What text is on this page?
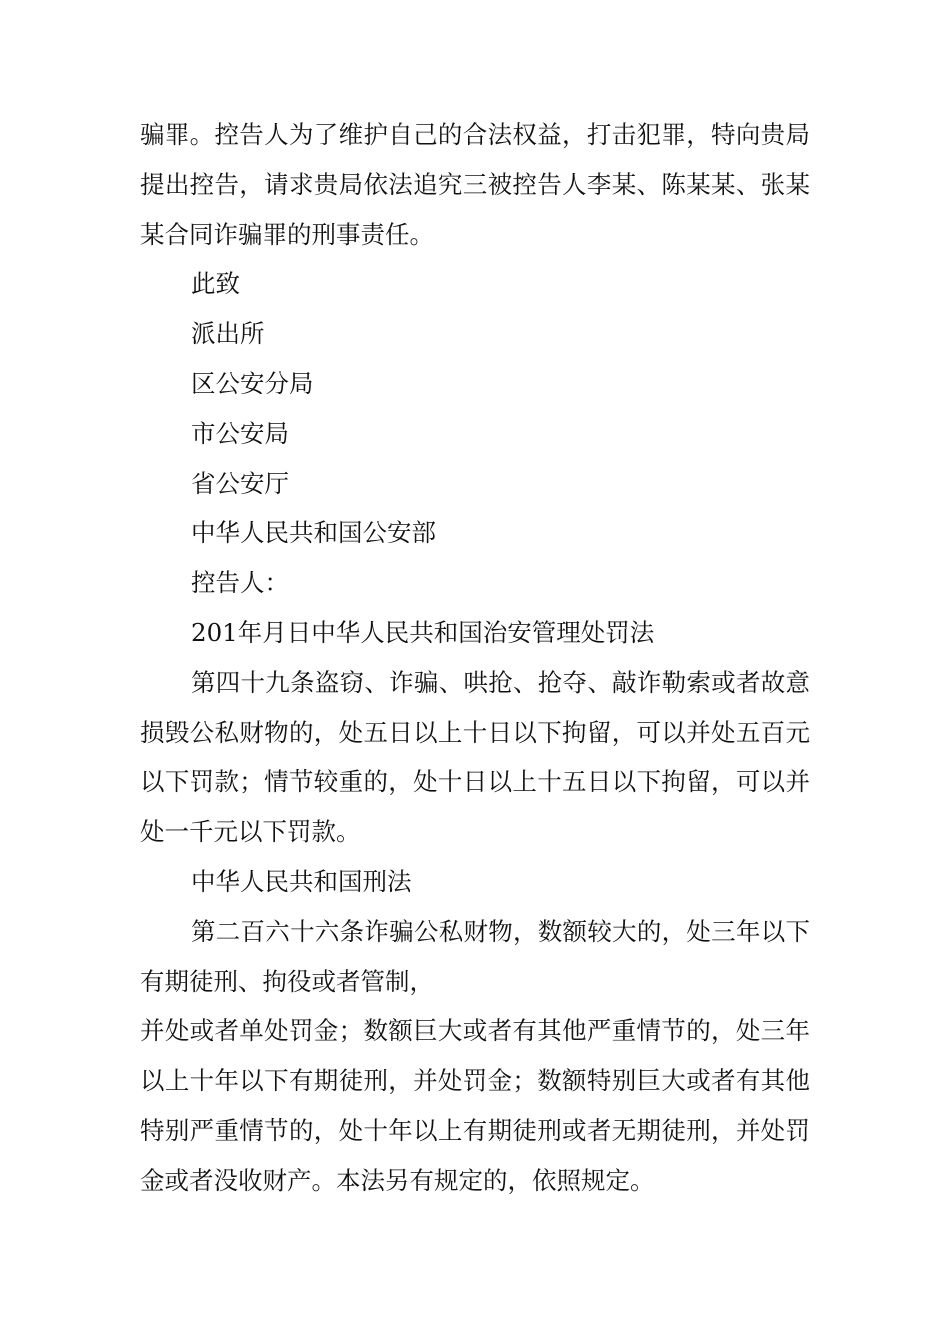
骗罪。控告人为了维护自己的合法权益，打击犯罪，特向贵局提出控告，请求贵局依法追究三被控告人李某、陈某某、张某某合同诈骗罪的刑事责任。

此致

派出所

区公安分局

市公安局

省公安厅

中华人民共和国公安部

控告人：

201年月日中华人民共和国治安管理处罚法

第四十九条盗窃、诈骗、哄抢、抢夺、敲诈勒索或者故意损毁公私财物的，处五日以上十日以下拘留，可以并处五百元以下罚款；情节较重的，处十日以上十五日以下拘留，可以并处一千元以下罚款。

中华人民共和国刑法

第二百六十六条诈骗公私财物，数额较大的，处三年以下有期徒刑、拘役或者管制，

并处或者单处罚金；数额巨大或者有其他严重情节的，处三年以上十年以下有期徒刑，并处罚金；数额特别巨大或者有其他特别严重情节的，处十年以上有期徒刑或者无期徒刑，并处罚金或者没收财产。本法另有规定的，依照规定。
